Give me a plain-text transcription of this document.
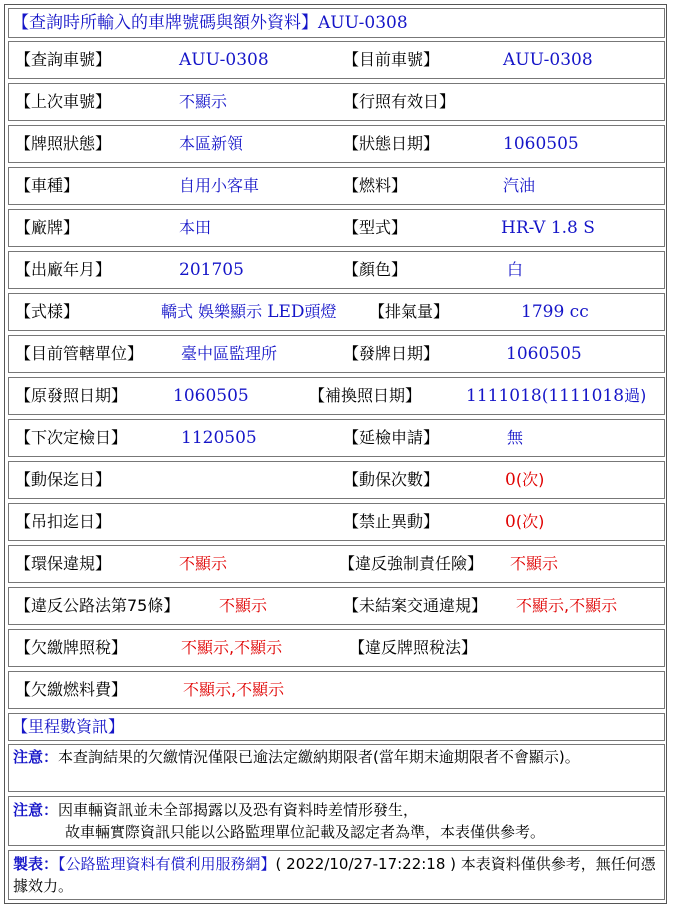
【查詢時所輸入的車牌號碼與額外資料】AUU-0308
【查詢車號】	AUU-0308	【目前車號】	AUU-0308
【上次車號】	不顯示	【行照有效日】
【牌照狀態】	本區新領	【狀態日期】	1060505
【車種】	自用小客車	【燃料】	汽油
【廠牌】	本田	【型式】	HR-V 1.8 S
【出廠年月】	201705	【顏色】	白
【式樣】	轎式 娛樂顯示 LED頭燈 【排氣量】	1799 cc
【目前管轄單位】 臺中區監理所	【發牌日期】	1060505
【原發照日期】	1060505	【補換照日期】	1111018(1111018過)
【下次定檢日】	1120505	【延檢申請】	無
【動保迄日】	【動保次數】	0(次)
【吊扣迄日】	【禁止異動】	0(次)
【環保違規】	不顯示	【違反強制責任險】 不顯示
【違反公路法第75條】 不顯示	【未結案交通違規】 不顯示,不顯示
【欠繳牌照稅】	不顯示,不顯示	【違反牌照稅法】
【欠繳燃料費】	不顯示,不顯示
【里程數資訊】
注意：本查詢結果的欠繳情況僅限已逾法定繳納期限者(當年期末逾期限者不會顯示)。
注意：因車輛資訊並未全部揭露以及恐有資料時差情形發生，
故車輛實際資訊只能以公路監理單位記載及認定者為準，本表僅供參考。
製表：【公路監理資料有償利用服務網】( 2022/10/27-17:22:18 ) 本表資料僅供參考，無任何憑據效力。
